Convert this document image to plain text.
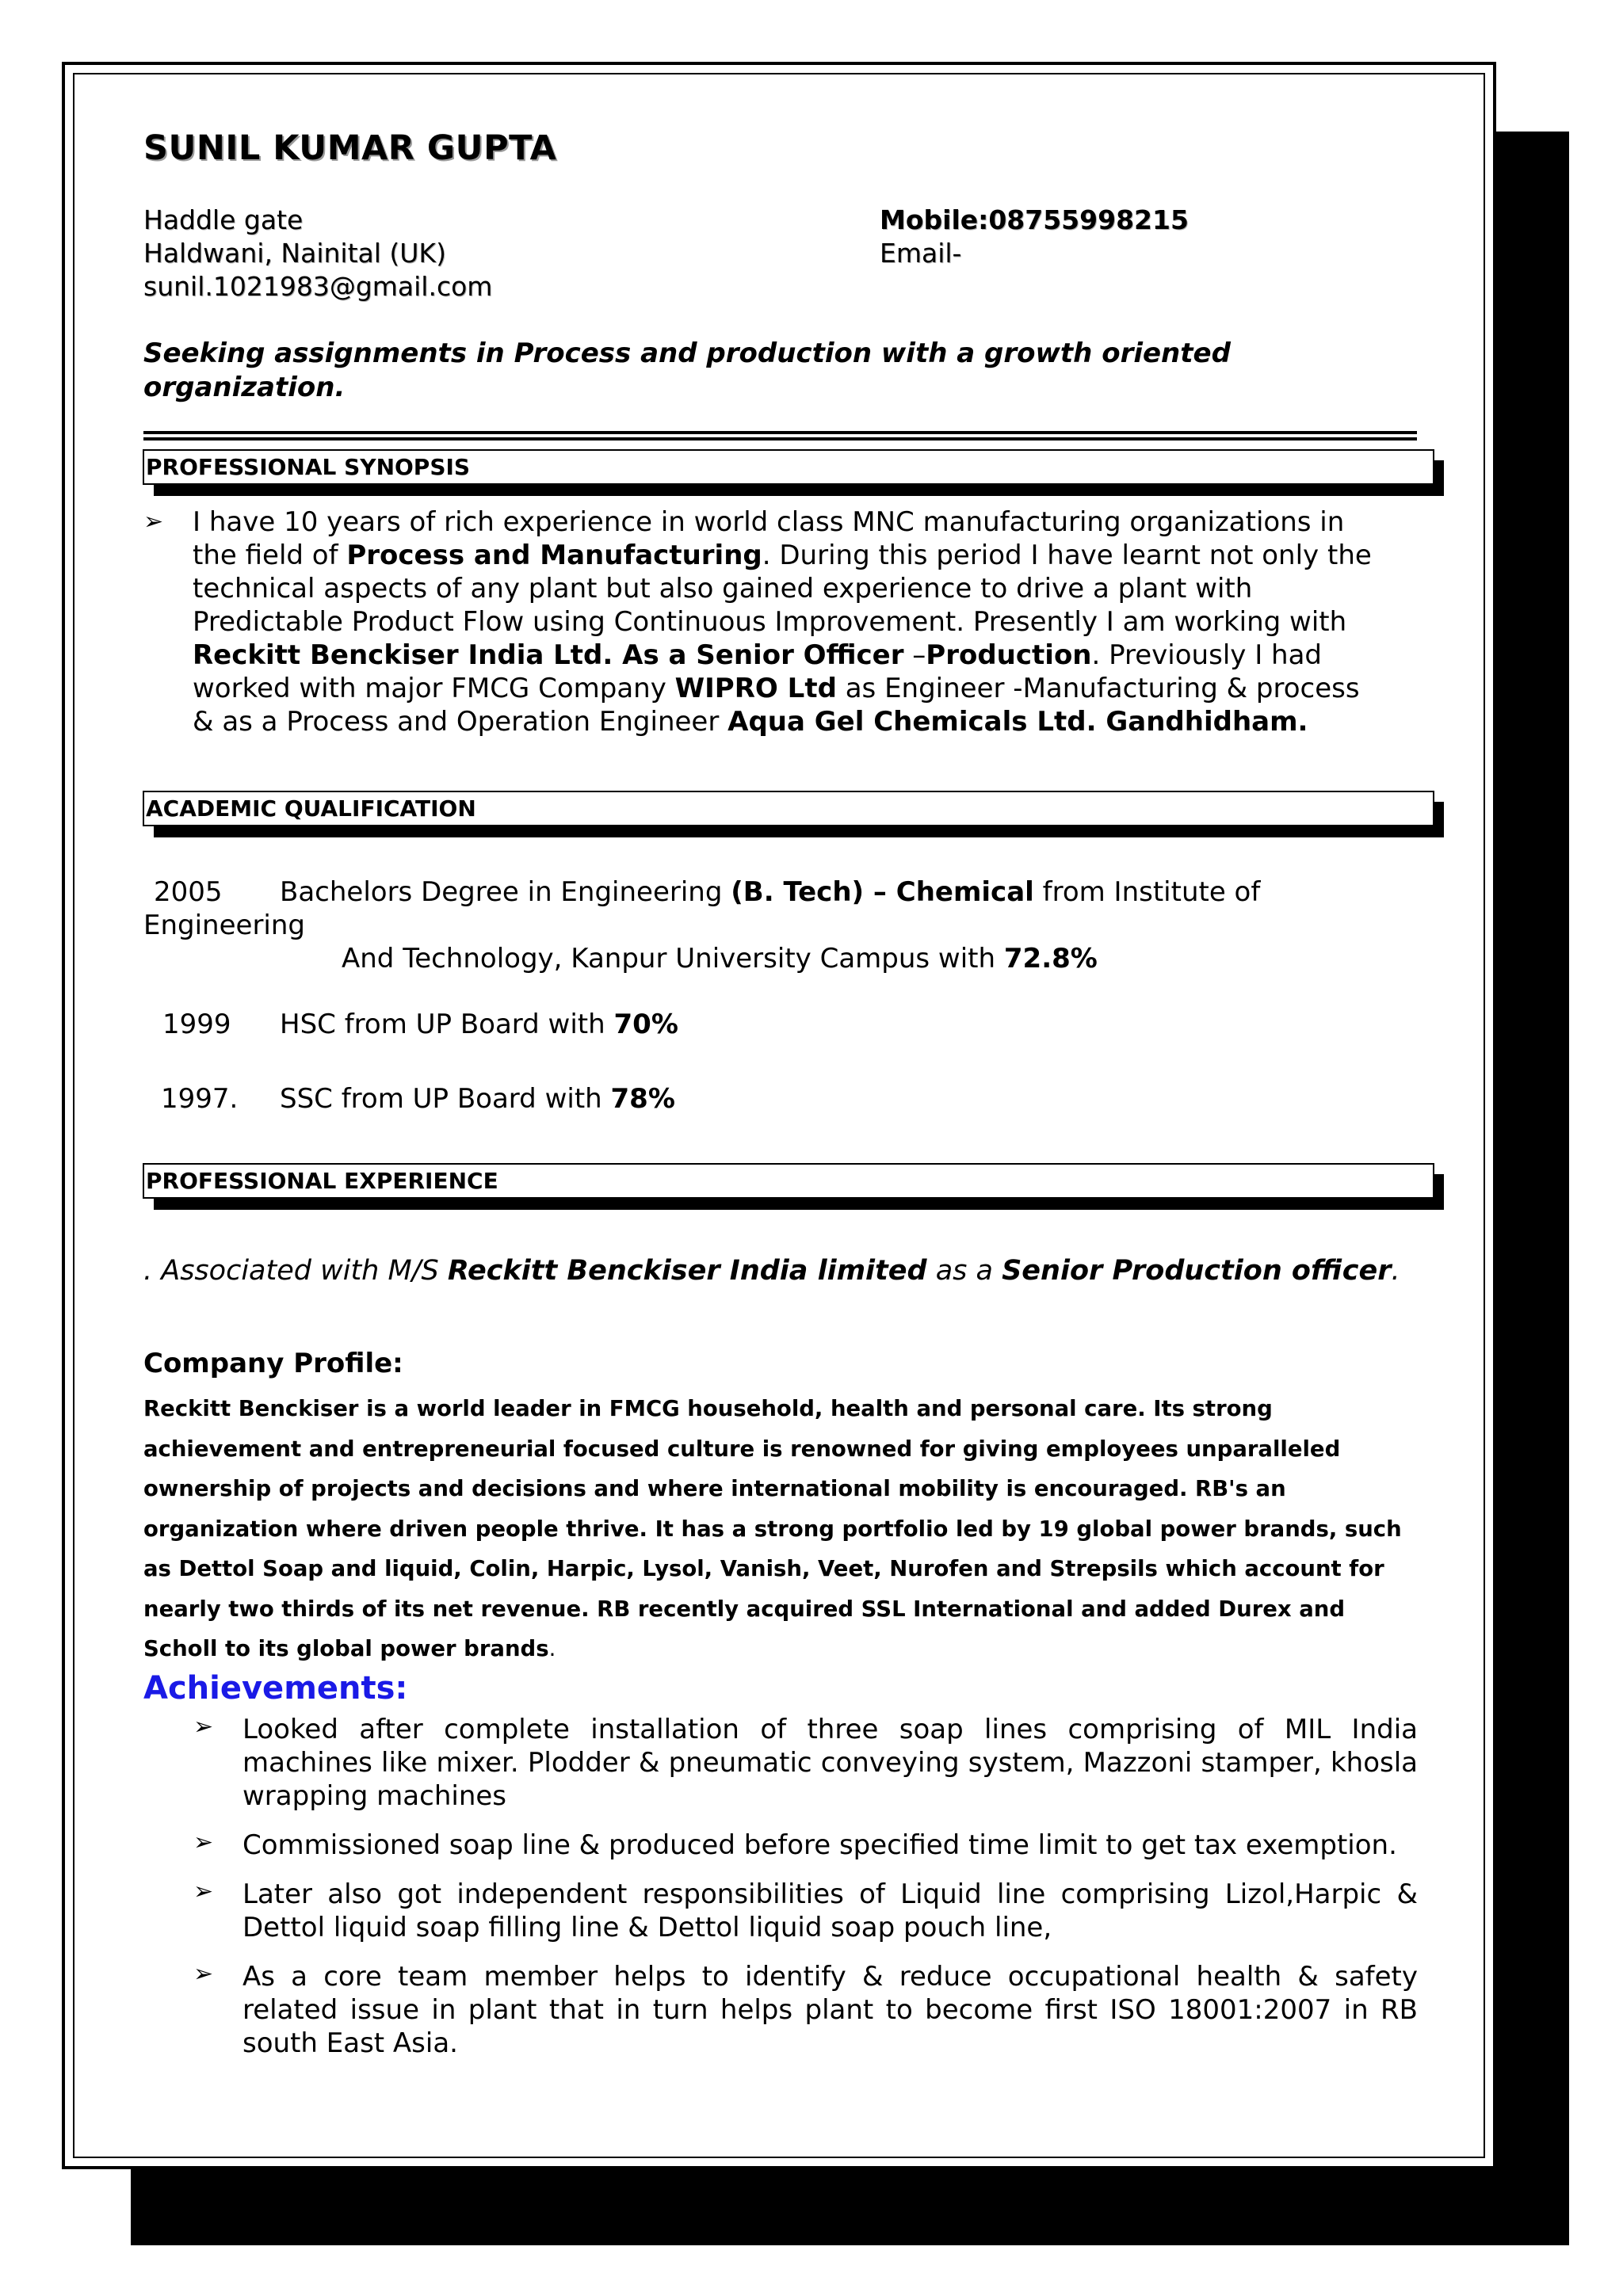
SUNIL KUMAR GUPTA
Haddle gate
Haldwani, Nainital (UK)
sunil.1021983@gmail.com
Mobile:08755998215
Email-
Seeking assignments in Process and production with a growth oriented organization.
PROFESSIONAL SYNOPSIS
➢ I have 10 years of rich experience in world class MNC manufacturing organizations in
the field of Process and Manufacturing. During this period I have learnt not only the
technical aspects of any plant but also gained experience to drive a plant with
Predictable Product Flow using Continuous Improvement. Presently I am working with
Reckitt Benckiser India Ltd. As a Senior Officer –Production. Previously I had
worked with major FMCG Company WIPRO Ltd as Engineer -Manufacturing & process
& as a Process and Operation Engineer Aqua Gel Chemicals Ltd. Gandhidham.
ACADEMIC QUALIFICATION
2005 Bachelors Degree in Engineering (B. Tech) – Chemical from Institute of
Engineering
And Technology, Kanpur University Campus with 72.8%
1999 HSC from UP Board with 70%
1997. SSC from UP Board with 78%
PROFESSIONAL EXPERIENCE
. Associated with M/S Reckitt Benckiser India limited as a Senior Production officer.
Company Profile:
Reckitt Benckiser is a world leader in FMCG household, health and personal care. Its strong
achievement and entrepreneurial focused culture is renowned for giving employees unparalleled
ownership of projects and decisions and where international mobility is encouraged. RB's an
organization where driven people thrive. It has a strong portfolio led by 19 global power brands, such
as Dettol Soap and liquid, Colin, Harpic, Lysol, Vanish, Veet, Nurofen and Strepsils which account for
nearly two thirds of its net revenue. RB recently acquired SSL International and added Durex and
Scholl to its global power brands.
Achievements:
➢ Looked after complete installation of three soap lines comprising of MIL India machines like mixer. Plodder & pneumatic conveying system, Mazzoni stamper, khosla wrapping machines
➢ Commissioned soap line & produced before specified time limit to get tax exemption.
➢ Later also got independent responsibilities of Liquid line comprising Lizol,Harpic & Dettol liquid soap filling line & Dettol liquid soap pouch line,
➢ As a core team member helps to identify & reduce occupational health & safety related issue in plant that in turn helps plant to become first ISO 18001:2007 in RB south East Asia.
